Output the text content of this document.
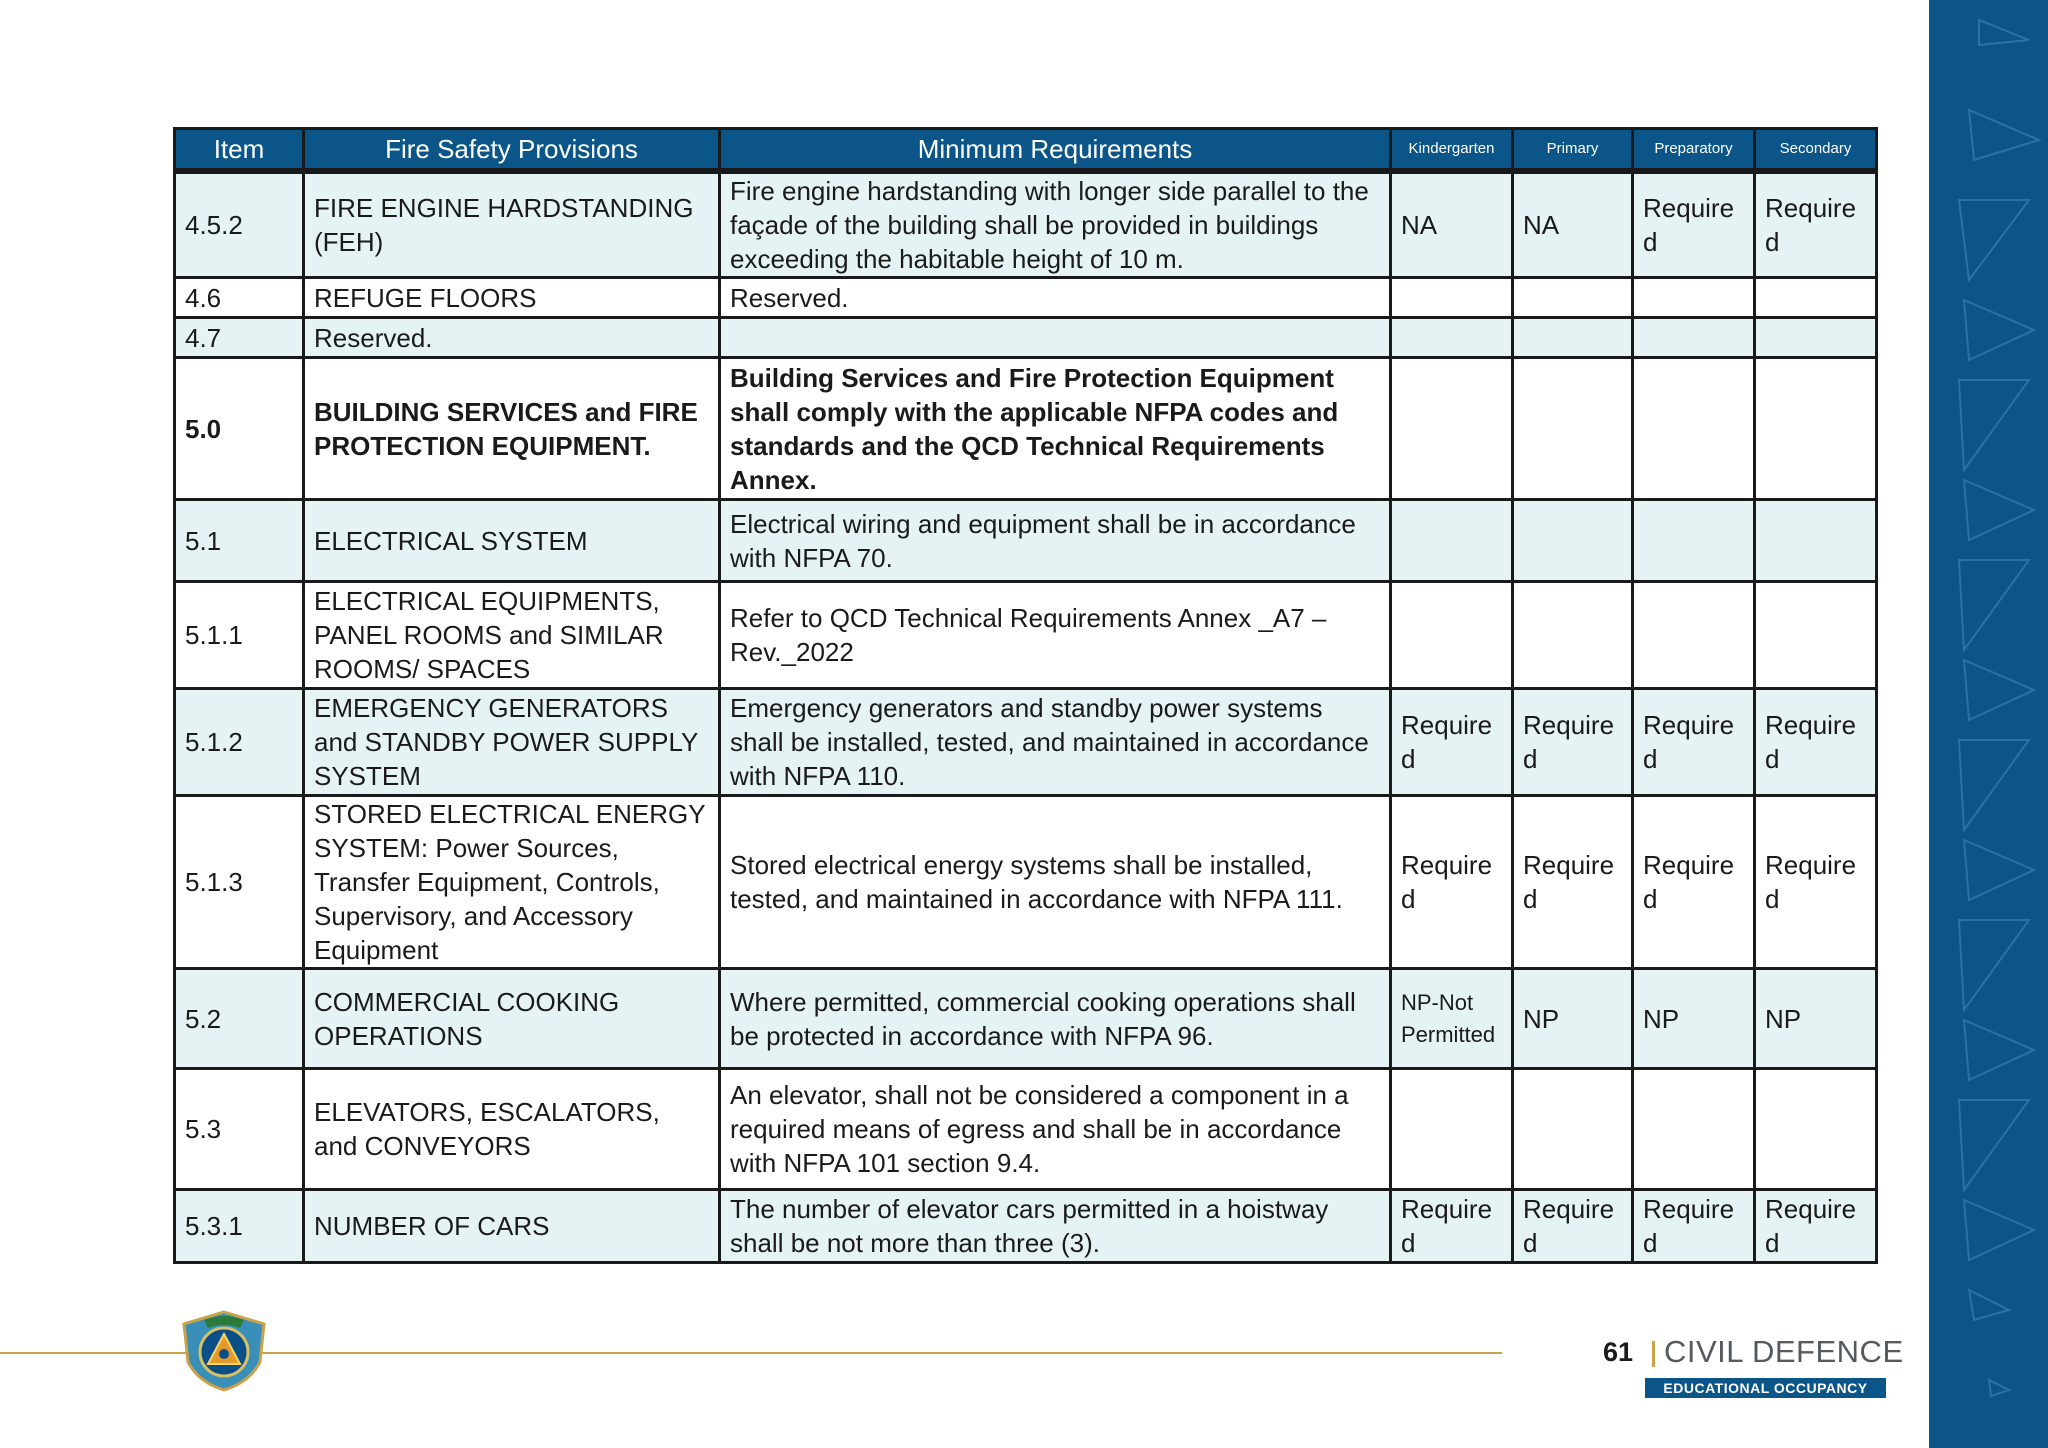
Item	Fire Safety Provisions	Minimum Requirements	Kindergarten	Primary	Preparatory	Secondary
4.5.2	FIRE ENGINE HARDSTANDING (FEH)	Fire engine hardstanding with longer side parallel to the façade of the building shall be provided in buildings exceeding the habitable height of 10 m.	NA	NA	Required	Required
4.6	REFUGE FLOORS	Reserved.				
4.7	Reserved.					
5.0	BUILDING SERVICES and FIRE PROTECTION EQUIPMENT.	Building Services and Fire Protection Equipment shall comply with the applicable NFPA codes and standards and the QCD Technical Requirements Annex.				
5.1	ELECTRICAL SYSTEM	Electrical wiring and equipment shall be in accordance with NFPA 70.				
5.1.1	ELECTRICAL EQUIPMENTS, PANEL ROOMS and SIMILAR ROOMS/ SPACES	Refer to QCD Technical Requirements Annex _A7 – Rev._2022				
5.1.2	EMERGENCY GENERATORS and STANDBY POWER SUPPLY SYSTEM	Emergency generators and standby power systems shall be installed, tested, and maintained in accordance with NFPA 110.	Required	Required	Required	Required
5.1.3	STORED ELECTRICAL ENERGY SYSTEM: Power Sources, Transfer Equipment, Controls, Supervisory, and Accessory Equipment	Stored electrical energy systems shall be installed, tested, and maintained in accordance with NFPA 111.	Required	Required	Required	Required
5.2	COMMERCIAL COOKING OPERATIONS	Where permitted, commercial cooking operations shall be protected in accordance with NFPA 96.	NP-Not Permitted	NP	NP	NP
5.3	ELEVATORS, ESCALATORS, and CONVEYORS	An elevator, shall not be considered a component in a required means of egress and shall be in accordance with NFPA 101 section 9.4.				
5.3.1	NUMBER OF CARS	The number of elevator cars permitted in a hoistway shall be not more than three (3).	Required	Required	Required	Required
61 CIVIL DEFENCE
EDUCATIONAL OCCUPANCY
